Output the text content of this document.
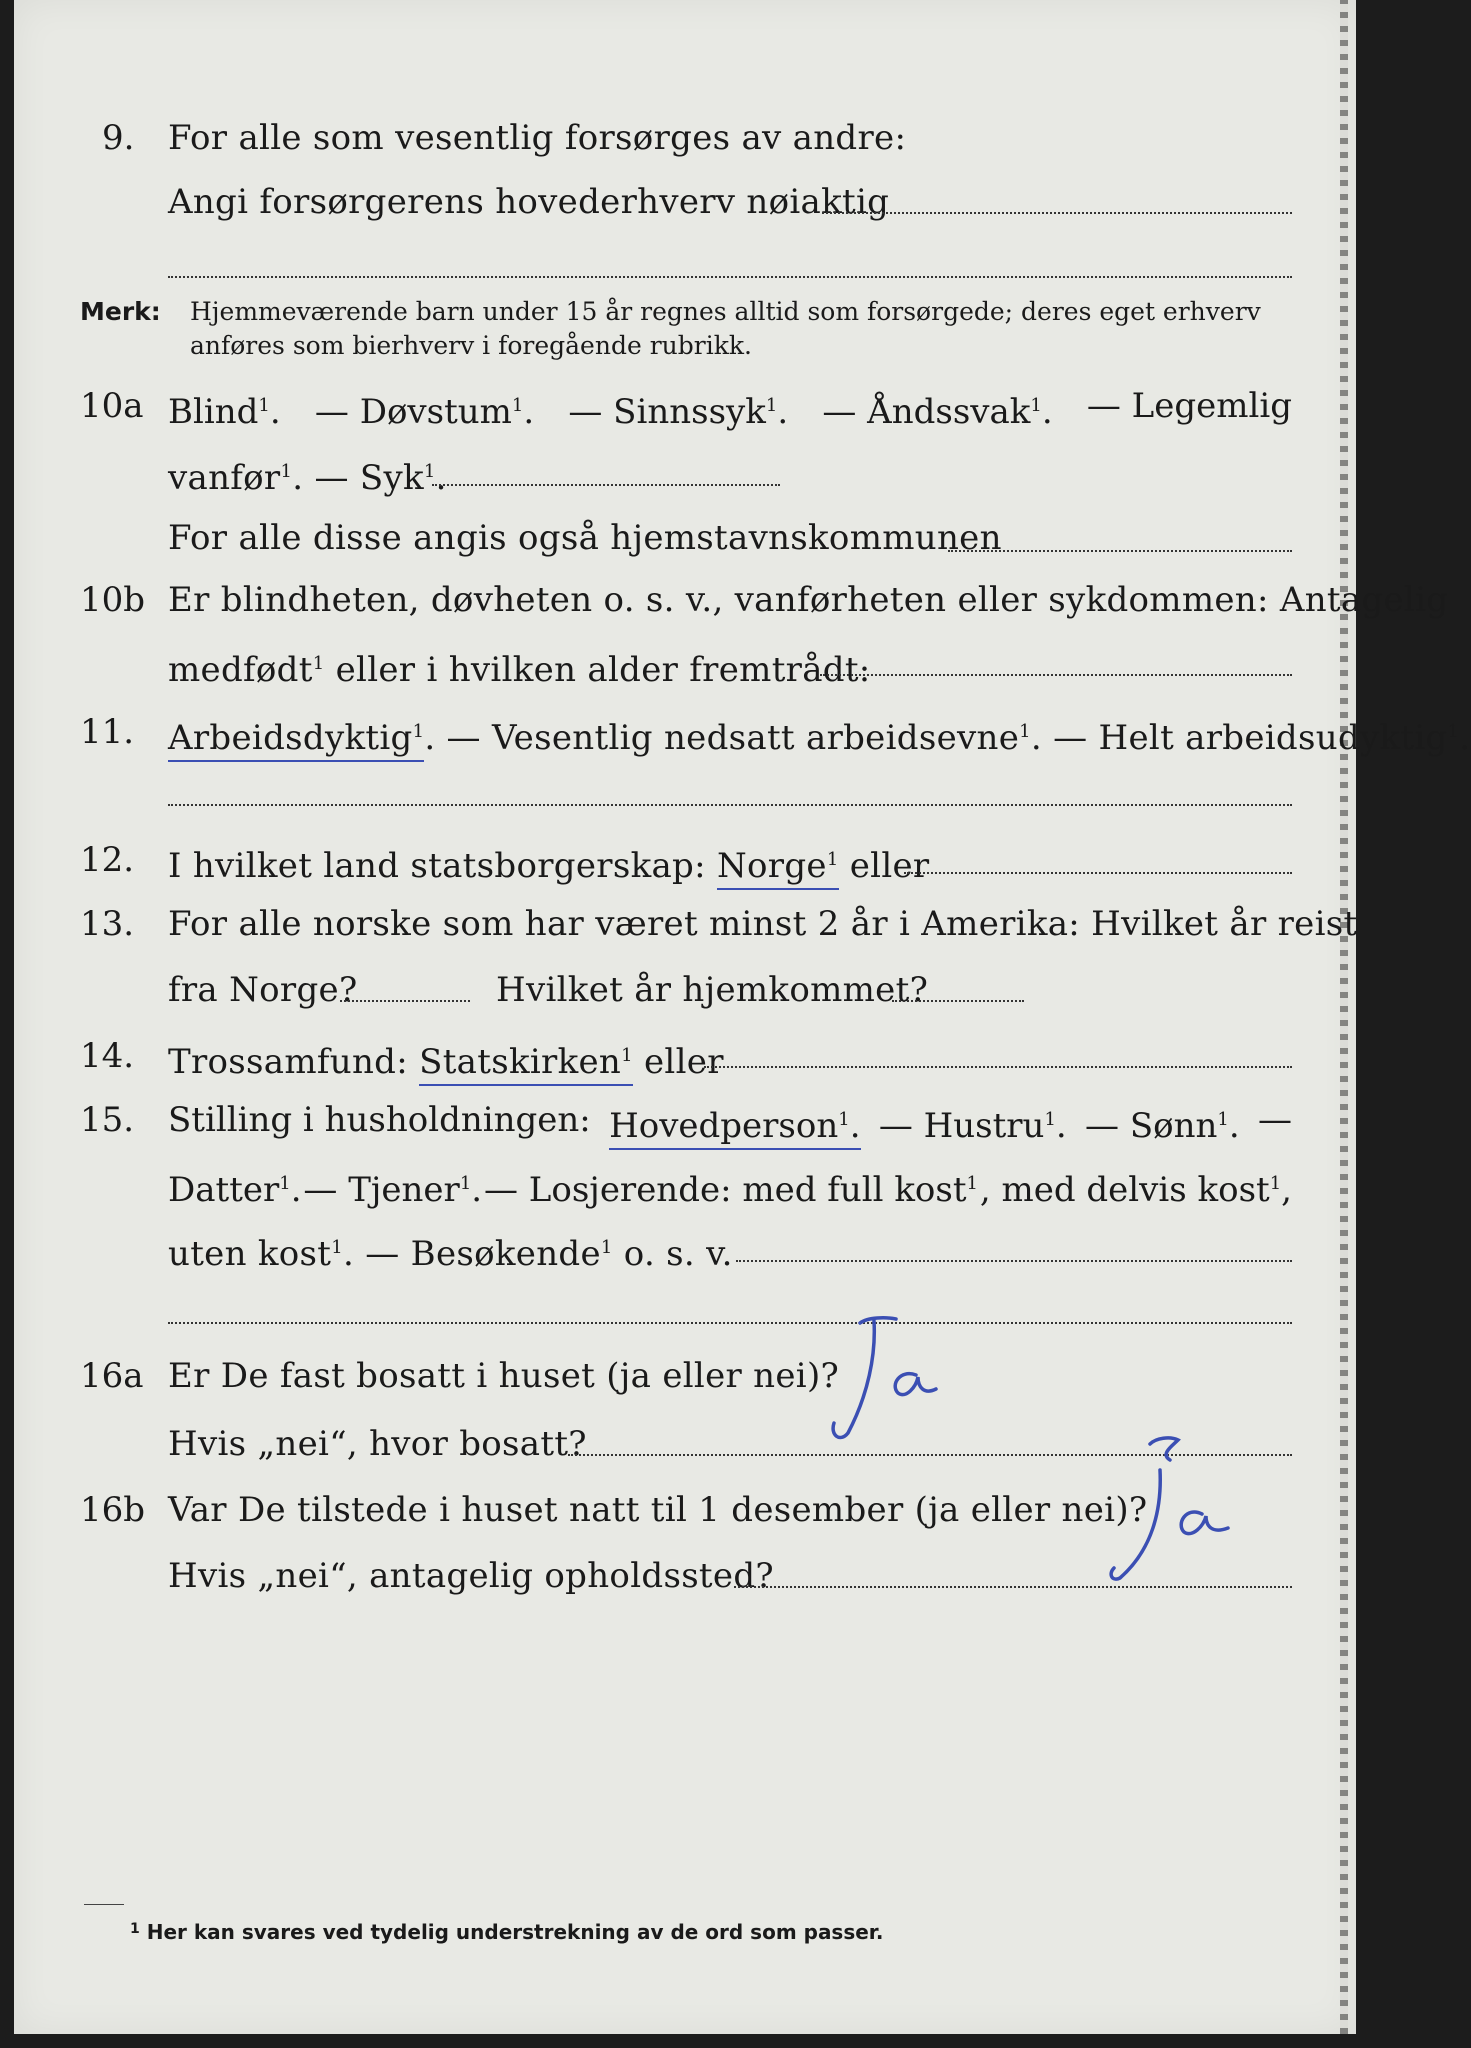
9. For alle som vesentlig forsørges av andre:
Angi forsørgerens hovederhverv nøiaktig
Merk: Hjemmeværende barn under 15 år regnes alltid som forsørgede; deres eget erhverv
anføres som bierhverv i foregående rubrikk.
10a Blind$^1$. — Døvstum$^1$. — Sinnssyk$^1$. — Åndssvak$^1$. — Legemlig
vanfør$^1$. — Syk$^1$.
For alle disse angis også hjemstavnskommunen
10b Er blindheten, døvheten o. s. v., vanførheten eller sykdommen: Antagelig
medfødt$^1$ eller i hvilken alder fremtrådt:
11. Arbeidsdyktig$^1$. — Vesentlig nedsatt arbeidsevne$^1$. — Helt arbeidsudyktig$^1$.
12. I hvilket land statsborgerskap: Norge$^1$ eller
13. For alle norske som har været minst 2 år i Amerika: Hvilket år reist
fra Norge?	Hvilket år hjemkommet?
14. Trossamfund: Statskirken$^1$ eller
15. Stilling i husholdningen: Hovedperson$^1$. — Hustru$^1$. — Sønn$^1$. —
Datter$^1$. — Tjener$^1$. — Losjerende: med full kost$^1$ , med delvis kost$^1$,
uten kost$^1$. — Besøkende$^1$ o. s. v.
16a Er De fast bosatt i huset (ja eller nei)?
Hvis „nei“, hvor bosatt?
16b Var De tilstede i huset natt til 1 desember (ja eller nei)?
Hvis „nei“, antagelig opholdssted?
$^1$ Her kan svares ved tydelig understrekning av de ord som passer.
